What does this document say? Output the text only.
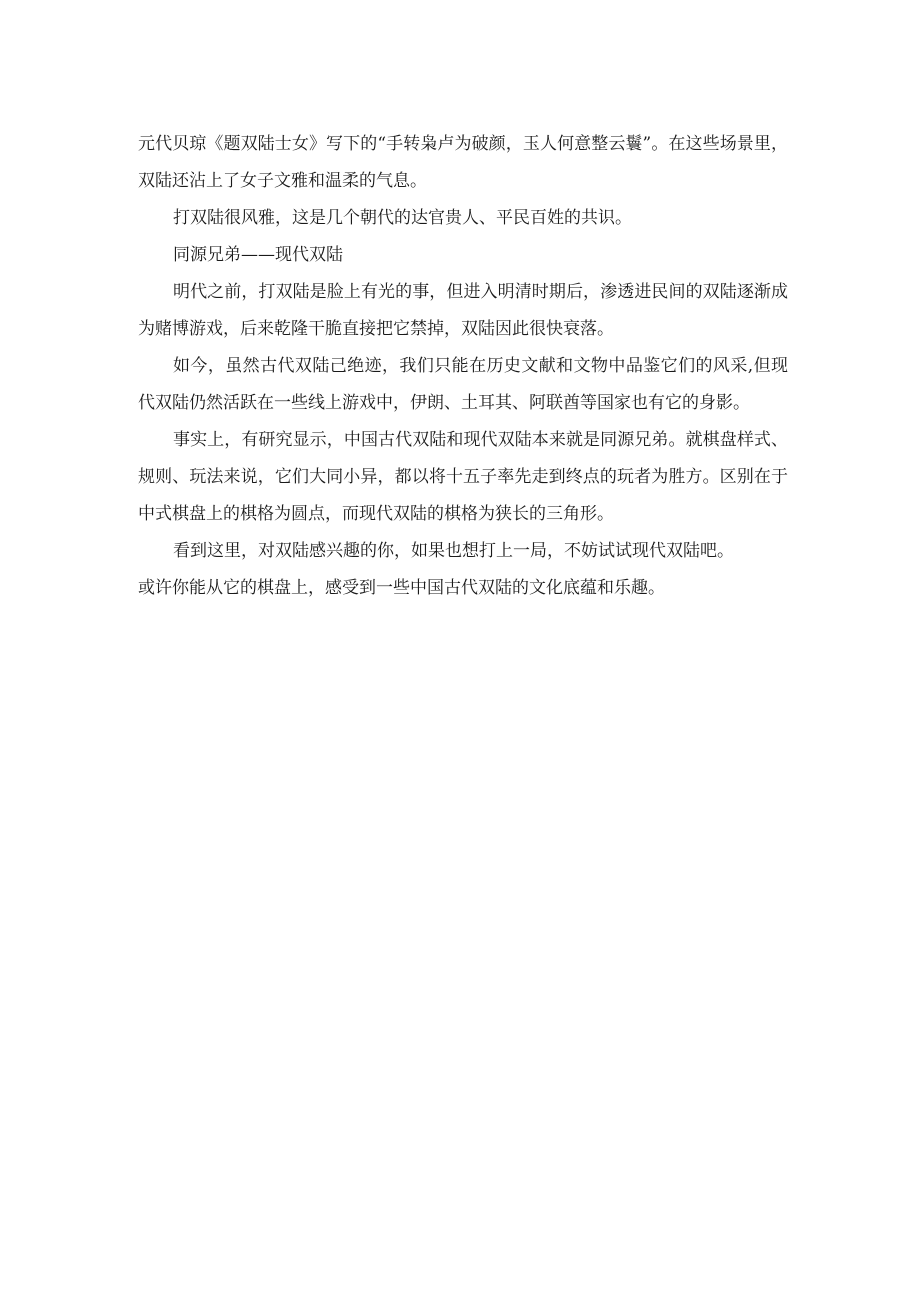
元代贝琼《题双陆士女》写下的“手转枭卢为破颜，玉人何意整云鬟”。在这些场景里，双陆还沾上了女子文雅和温柔的气息。

打双陆很风雅，这是几个朝代的达官贵人、平民百姓的共识。

同源兄弟——现代双陆

明代之前，打双陆是脸上有光的事，但进入明清时期后，渗透进民间的双陆逐渐成为赌博游戏，后来乾隆干脆直接把它禁掉，双陆因此很快衰落。

如今，虽然古代双陆己绝迹，我们只能在历史文献和文物中品鉴它们的风采,但现代双陆仍然活跃在一些线上游戏中，伊朗、土耳其、阿联酋等国家也有它的身影。

事实上，有研究显示，中国古代双陆和现代双陆本来就是同源兄弟。就棋盘样式、规则、玩法来说，它们大同小异，都以将十五子率先走到终点的玩者为胜方。区别在于中式棋盘上的棋格为圆点，而现代双陆的棋格为狭长的三角形。

看到这里，对双陆感兴趣的你，如果也想打上一局，不妨试试现代双陆吧。

或许你能从它的棋盘上，感受到一些中国古代双陆的文化底蕴和乐趣。
